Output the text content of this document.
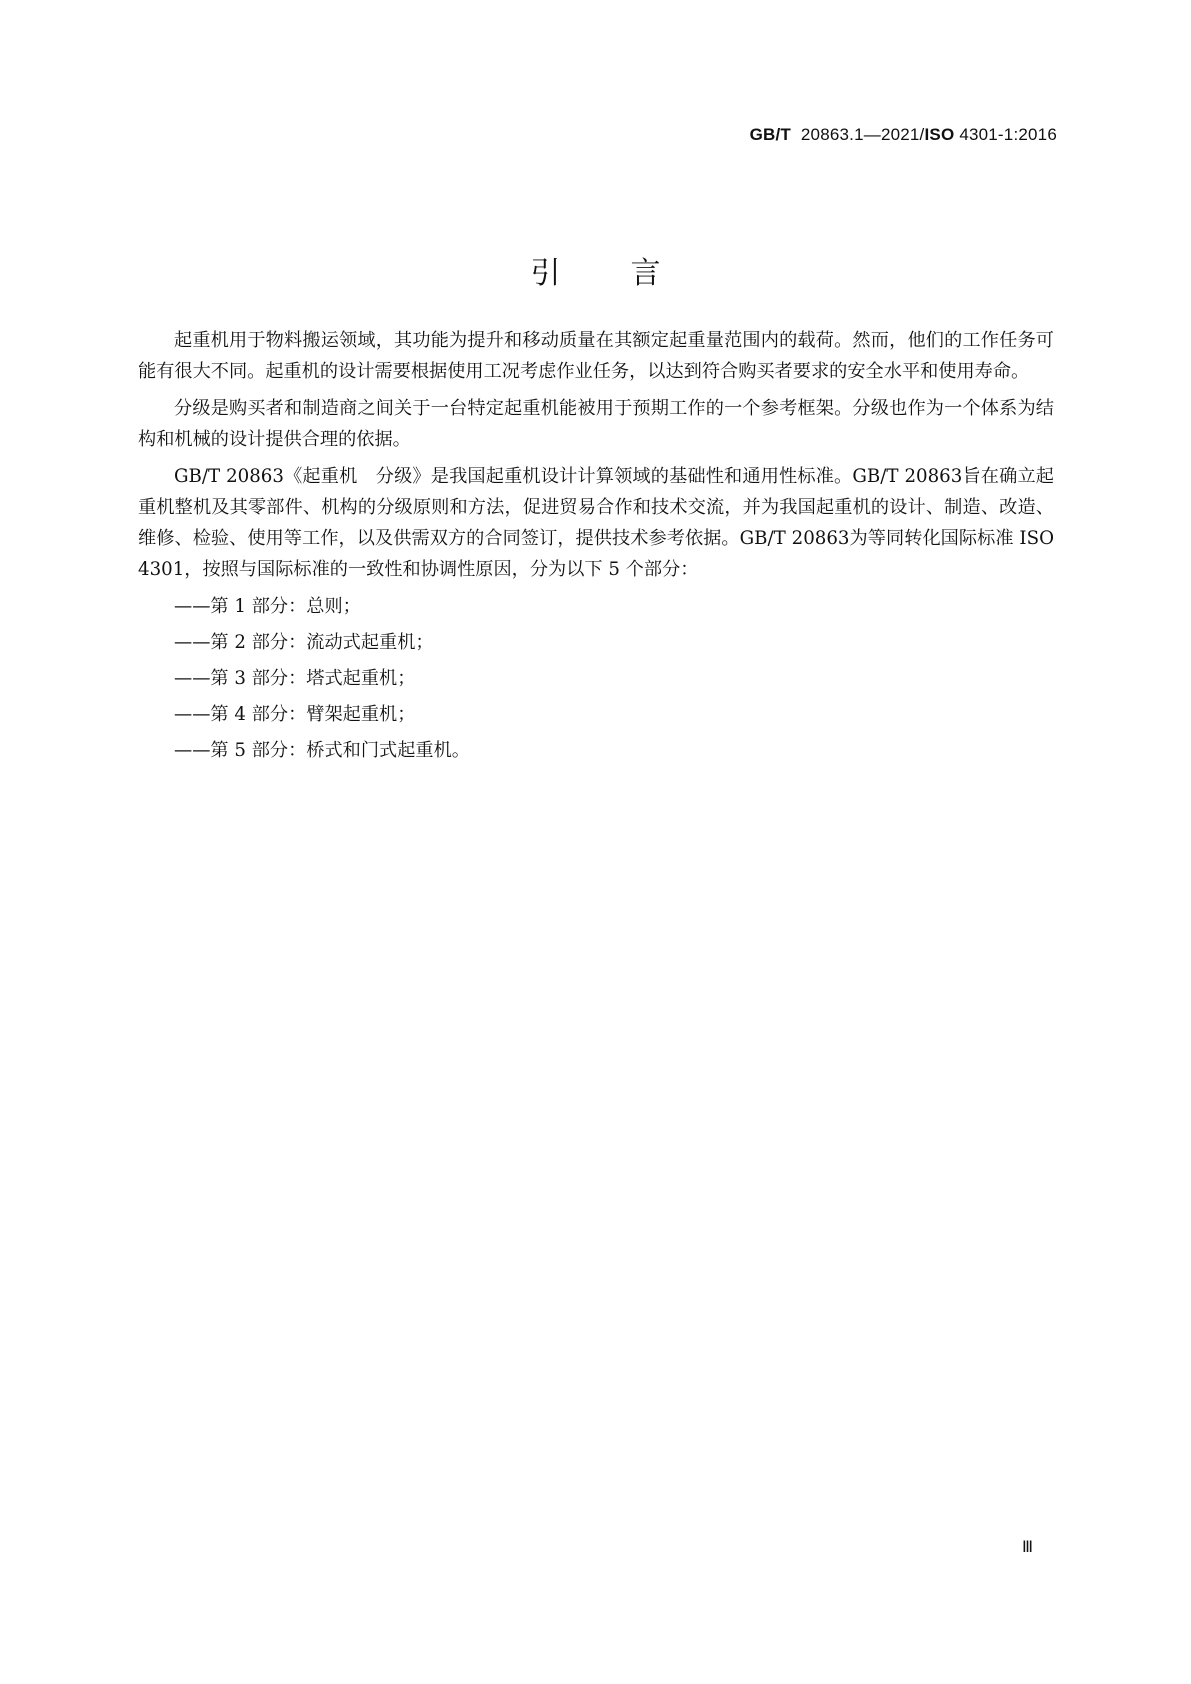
GB/T 20863.1—2021/ISO 4301-1:2016
引言

起重机用于物料搬运领域，其功能为提升和移动质量在其额定起重量范围内的载荷。然而，他们的工作任务可能有很大不同。起重机的设计需要根据使用工况考虑作业任务，以达到符合购买者要求的安全水平和使用寿命。

分级是购买者和制造商之间关于一台特定起重机能被用于预期工作的一个参考框架。分级也作为一个体系为结构和机械的设计提供合理的依据。

GB/T 20863《起重机　分级》是我国起重机设计计算领域的基础性和通用性标准。GB/T 20863旨在确立起重机整机及其零部件、机构的分级原则和方法，促进贸易合作和技术交流，并为我国起重机的设计、制造、改造、维修、检验、使用等工作，以及供需双方的合同签订，提供技术参考依据。GB/T 20863为等同转化国际标准 ISO 4301，按照与国际标准的一致性和协调性原因，分为以下 5 个部分：

——第 1 部分：总则；
——第 2 部分：流动式起重机；
——第 3 部分：塔式起重机；
——第 4 部分：臂架起重机；
——第 5 部分：桥式和门式起重机。
Ⅲ
